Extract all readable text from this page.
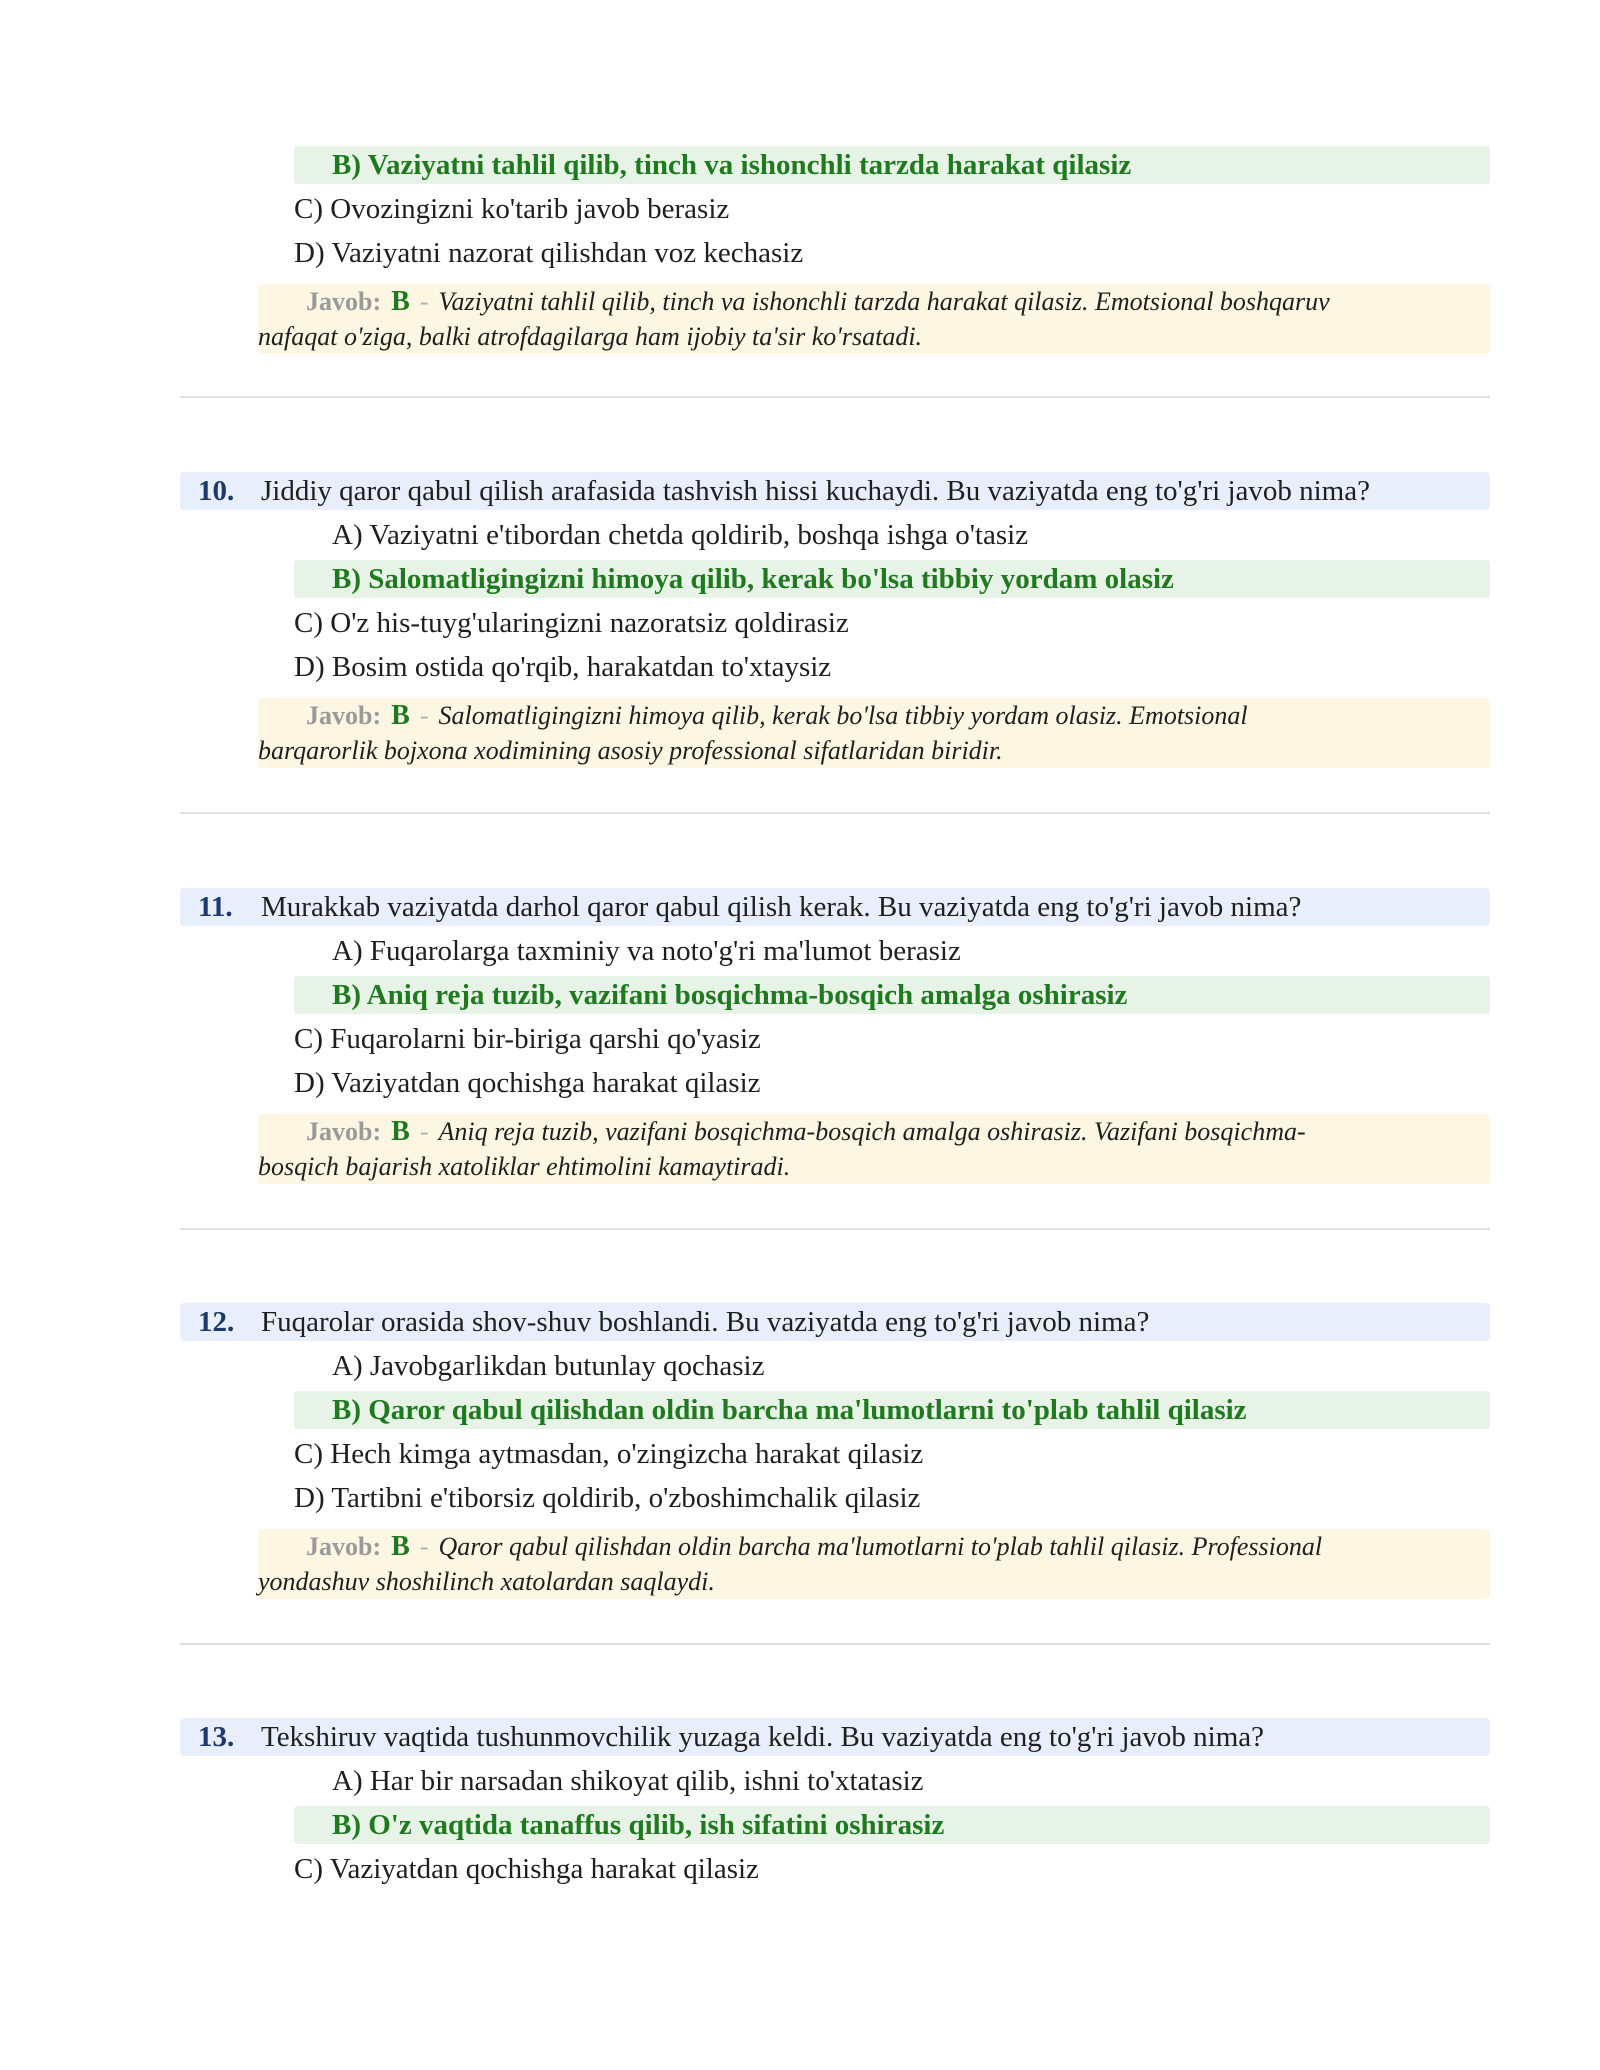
B) Vaziyatni tahlil qilib, tinch va ishonchli tarzda harakat qilasiz
C) Ovozingizni ko'tarib javob berasiz
D) Vaziyatni nazorat qilishdan voz kechasiz
Javob: B - Vaziyatni tahlil qilib, tinch va ishonchli tarzda harakat qilasiz. Emotsional boshqaruv
nafaqat o'ziga, balki atrofdagilarga ham ijobiy ta'sir ko'rsatadi.
10. Jiddiy qaror qabul qilish arafasida tashvish hissi kuchaydi. Bu vaziyatda eng to'g'ri javob nima?
A) Vaziyatni e'tibordan chetda qoldirib, boshqa ishga o'tasiz
B) Salomatligingizni himoya qilib, kerak bo'lsa tibbiy yordam olasiz
C) O'z his-tuyg'ularingizni nazoratsiz qoldirasiz
D) Bosim ostida qo'rqib, harakatdan to'xtaysiz
Javob: B - Salomatligingizni himoya qilib, kerak bo'lsa tibbiy yordam olasiz. Emotsional
barqarorlik bojxona xodimining asosiy professional sifatlaridan biridir.
11. Murakkab vaziyatda darhol qaror qabul qilish kerak. Bu vaziyatda eng to'g'ri javob nima?
A) Fuqarolarga taxminiy va noto'g'ri ma'lumot berasiz
B) Aniq reja tuzib, vazifani bosqichma-bosqich amalga oshirasiz
C) Fuqarolarni bir-biriga qarshi qo'yasiz
D) Vaziyatdan qochishga harakat qilasiz
Javob: B - Aniq reja tuzib, vazifani bosqichma-bosqich amalga oshirasiz. Vazifani bosqichma-
bosqich bajarish xatoliklar ehtimolini kamaytiradi.
12. Fuqarolar orasida shov-shuv boshlandi. Bu vaziyatda eng to'g'ri javob nima?
A) Javobgarlikdan butunlay qochasiz
B) Qaror qabul qilishdan oldin barcha ma'lumotlarni to'plab tahlil qilasiz
C) Hech kimga aytmasdan, o'zingizcha harakat qilasiz
D) Tartibni e'tiborsiz qoldirib, o'zboshimchalik qilasiz
Javob: B - Qaror qabul qilishdan oldin barcha ma'lumotlarni to'plab tahlil qilasiz. Professional
yondashuv shoshilinch xatolardan saqlaydi.
13. Tekshiruv vaqtida tushunmovchilik yuzaga keldi. Bu vaziyatda eng to'g'ri javob nima?
A) Har bir narsadan shikoyat qilib, ishni to'xtatasiz
B) O'z vaqtida tanaffus qilib, ish sifatini oshirasiz
C) Vaziyatdan qochishga harakat qilasiz
